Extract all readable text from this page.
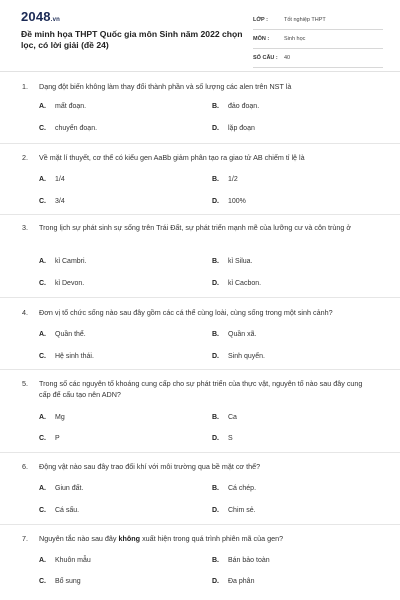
2048.vn
Đề minh họa THPT Quốc gia môn Sinh năm 2022 chọn lọc, có lời giải (đề 24)
LỚP :	Tốt nghiệp THPT
MÔN :	Sinh học
SỐ CÂU : 40
1. Dạng đột biến không làm thay đổi thành phần và số lượng các alen trên NST là
A. mất đoạn.	B. đảo đoạn.
C. chuyển đoạn.	D. lặp đoạn
2. Về mặt lí thuyết, cơ thể có kiểu gen AaBb giảm phân tạo ra giao tử AB chiếm tỉ lệ là
A. 1/4	B. 1/2
C. 3/4	D. 100%
3. Trong lịch sự phát sinh sự sống trên Trái Đất, sự phát triển mạnh mẽ của lưỡng cư và côn trùng ở
A. kỉ Cambri.	B. kỉ Silua.
C. kỉ Devon.	D. kỉ Cacbon.
4. Đơn vị tổ chức sống nào sau đây gồm các cá thể cùng loài, cùng sống trong một sinh cảnh?
A. Quần thể.	B. Quần xã.
C. Hệ sinh thái.	D. Sinh quyển.
5. Trong số các nguyên tố khoáng cung cấp cho sự phát triển của thực vật, nguyên tố nào sau đây cung cấp để cấu tạo nên ADN?
A. Mg	B. Ca
C. P	D. S
6. Động vật nào sau đây trao đổi khí với môi trường qua bề mặt cơ thể?
A. Giun đất.	B. Cá chép.
C. Cá sấu.	D. Chim sẻ.
7. Nguyên tắc nào sau đây không xuất hiện trong quá trình phiên mã của gen?
A. Khuôn mẫu	B. Bán bảo toàn
C. Bổ sung	D. Đa phân
